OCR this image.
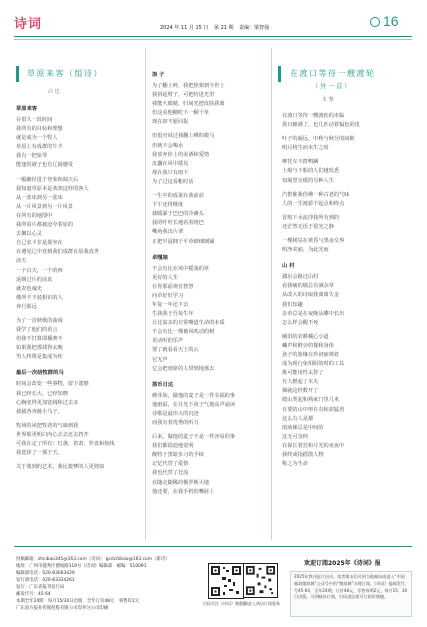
诗词	2024 年 11 月 15 日 第 21 期 责编：梁智强	16
草原来客（组诗）
白 达
草原来客
在很久一段时间
我所有的目标和理想
就是成为一个牧人
草原上有成群的牛羊
我有一把弦琴
能逢的被子也有辽阔感受
一幅幽径进于登象和阔天后
我知道草原本是欢欢这样的客人
从一张床到另一张床
从一片风景到另一片风景
在所有的地图中
我所看片都被沧夸着原的
去搁以心灵
自己求卡非是那坐在
在遇见辽中直到我们成群在原我真世
前天
一个白天，一个的西
返朝过片的前真
就农色魂光
像所不不驳相识的人
奔行那远
为了一首秋歌的曲调
我学了他们的语言
但我不打算即播赛不
如果我把那找得太晚
男人终将是集成为你
最后一次结牧群的马
时间会改变一些事物，留下遗憾
我已经长大，已经知晓
心胸变得更加宽阔和过去多
我骑各奔骑小马子。
牧场的风把牧者的气味到我
世界那更明白内心去去还去挡开
可我在定了所有：灯盏，着肃，罗盘和航线
我选择了一那于天。
关于蔑到的艺术，我比骏梦的人更熟知
浪 子
为了翻上岭，我把焦架到今世上
我拼起臂子，可把结进光里
我能大眼睛，归间光把皮肤我离
但这看他棚吃下一颗干草
现在却不愿回报
但很舟说过我翻上峰的骏马
但就不会喝水
我放弃你上的美酒和爱情
皮囊在风中摇晃
现在我只有雨下
为了过这看帐时话
一生中的成果在我前前
下午还得继度
我暖暴于巴巴的冷滩头
我的吁吁长地看着现巴
嘴角我出片翠
正把早晨拥于平草细细钢铺
卓嘎娘
不会有比在风中摇荡的草
更好的人生
在你那前观有智慧
向草好好学习
年复一年还下去
生我我于吾每生年
让比翁多的日常嘴道生命的本质
不会有比一棵被风吹动的树
更动听的乐声
要了就看看天上的云
它无声
它会把雨席的人带到地那去
那币日达
蘑芽始，做他的麦子是一件幸福的事
他雨鼠，在月光下孩子气地高声诵读
诗歌是最伟大的沉迹
而我有着优秀的听力
后来，做他的麦子不是一件容易的事
我们都很迪地觉明
酸特于黑暗步习的手续
记忆代替了爱情
我也代替了狂流
在随走随稀的俄罗斯大地
他还要，在我手机的嘴唇上
在渡口等待一艘渡轮
（外一首）
木 黎
在渡口等待一艘渡轮的未临
墨日辅满了，也几匹动着辐色的皮
叶子的凝远，中秋与秋分的间隙
明月将生而未生之时
摩托车不群鸭蹒
上船与下船的人们越发悉
知渴望交缓的另种人生
汽笛催我你佛一种古老的气味
人的一生渡骄个起点和终点
冒航下水流浮我所有到的
还茫然无语于很光之静
一棵树站在黄昏与黑夜交界
明净美丽，为此光而
山 村
偶尔会路过山村
看我痛的墙总有满杂草
从改大的诗取我离离失金
我们知趣
杂草总是在夜晚从蝶中长出
怎么样会醒不死
碾旧的农耕藏心小道
蛐声和鲜旁的餐和身体
孩子的篮缘在珍词丽弹着
成为现行免组阻的时的工具
挑可能用性太挥了
有人燃起了木火
烟就这样数开了
爬山类起和熟家门里几米
有要的山中形在有和却猛兽
这么有人是都
雨液廓总是中间的
这无可奈何
在保长着狂和月光的夜夜中
我终成指摇散人物
称之为生命
投稿邮箱：zhcibao345@163.com（诗词） gcdcitibao@163.com（新诗）
地址：广州市越秀区德坡路119号《诗词》编辑部　邮编：510091
编辑部电话：020-83063429
发行部电话：020-83324261
发行：广东省报刊发行局
邮发代号：45-64
本期全年24期　每月15/30日出版　全年订价48元　零售价2元
广东南方报业传媒控股有限公司印务分公司印刷
扫码关注《诗词》微信号
扫码进入商店订阅服务
欢迎订阅2025年《诗词》报
2025年我刊征订启动，读者朋友们可到当地邮局或进入“中国邮政微商城”公众号中的“微商城”办理订阅，《诗词》报邮发代号45-64，全年24期，订价48元，零售每期2元，每月15、30日出版。可到邮局订阅，扫码进店即可订阅更便捷。
